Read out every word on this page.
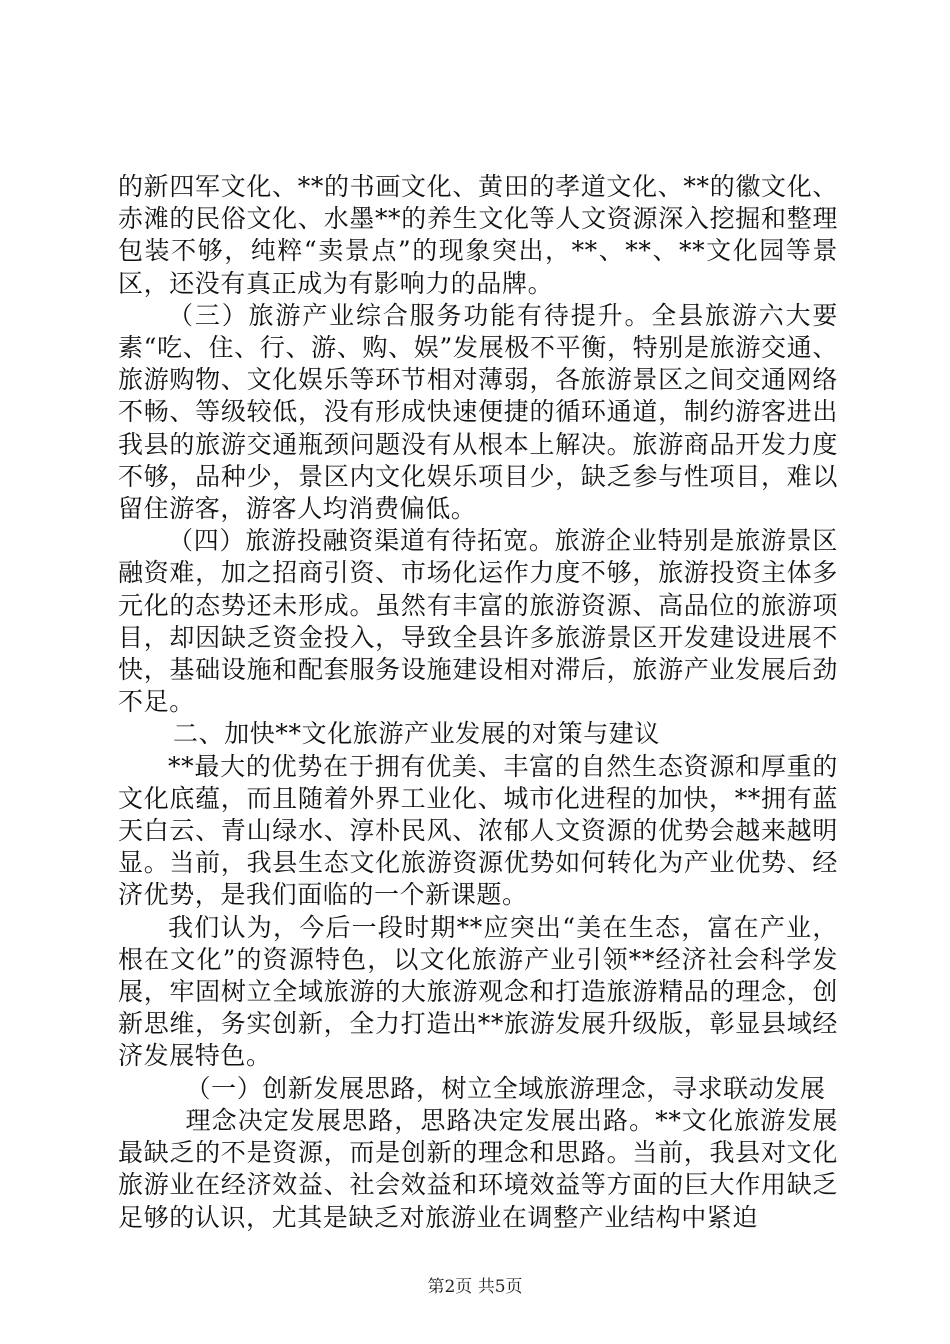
的新四军文化、**的书画文化、黄田的孝道文化、**的徽文化、赤滩的民俗文化、水墨**的养生文化等人文资源深入挖掘和整理包装不够，纯粹“卖景点”的现象突出，**、**、**文化园等景区，还没有真正成为有影响力的品牌。

（三）旅游产业综合服务功能有待提升。全县旅游六大要素“吃、住、行、游、购、娱”发展极不平衡，特别是旅游交通、旅游购物、文化娱乐等环节相对薄弱，各旅游景区之间交通网络不畅、等级较低，没有形成快速便捷的循环通道，制约游客进出我县的旅游交通瓶颈问题没有从根本上解决。旅游商品开发力度不够，品种少，景区内文化娱乐项目少，缺乏参与性项目，难以留住游客，游客人均消费偏低。

（四）旅游投融资渠道有待拓宽。旅游企业特别是旅游景区融资难，加之招商引资、市场化运作力度不够，旅游投资主体多元化的态势还未形成。虽然有丰富的旅游资源、高品位的旅游项目，却因缺乏资金投入，导致全县许多旅游景区开发建设进展不快，基础设施和配套服务设施建设相对滞后，旅游产业发展后劲不足。

二、加快**文化旅游产业发展的对策与建议

**最大的优势在于拥有优美、丰富的自然生态资源和厚重的文化底蕴，而且随着外界工业化、城市化进程的加快，**拥有蓝天白云、青山绿水、淳朴民风、浓郁人文资源的优势会越来越明显。当前，我县生态文化旅游资源优势如何转化为产业优势、经济优势，是我们面临的一个新课题。

我们认为，今后一段时期**应突出“美在生态，富在产业，根在文化”的资源特色，以文化旅游产业引领**经济社会科学发展，牢固树立全域旅游的大旅游观念和打造旅游精品的理念，创新思维，务实创新，全力打造出**旅游发展升级版，彰显县域经济发展特色。

（一）创新发展思路，树立全域旅游理念，寻求联动发展

理念决定发展思路，思路决定发展出路。**文化旅游发展最缺乏的不是资源，而是创新的理念和思路。当前，我县对文化旅游业在经济效益、社会效益和环境效益等方面的巨大作用缺乏足够的认识，尤其是缺乏对旅游业在调整产业结构中紧迫

第2页 共5页
